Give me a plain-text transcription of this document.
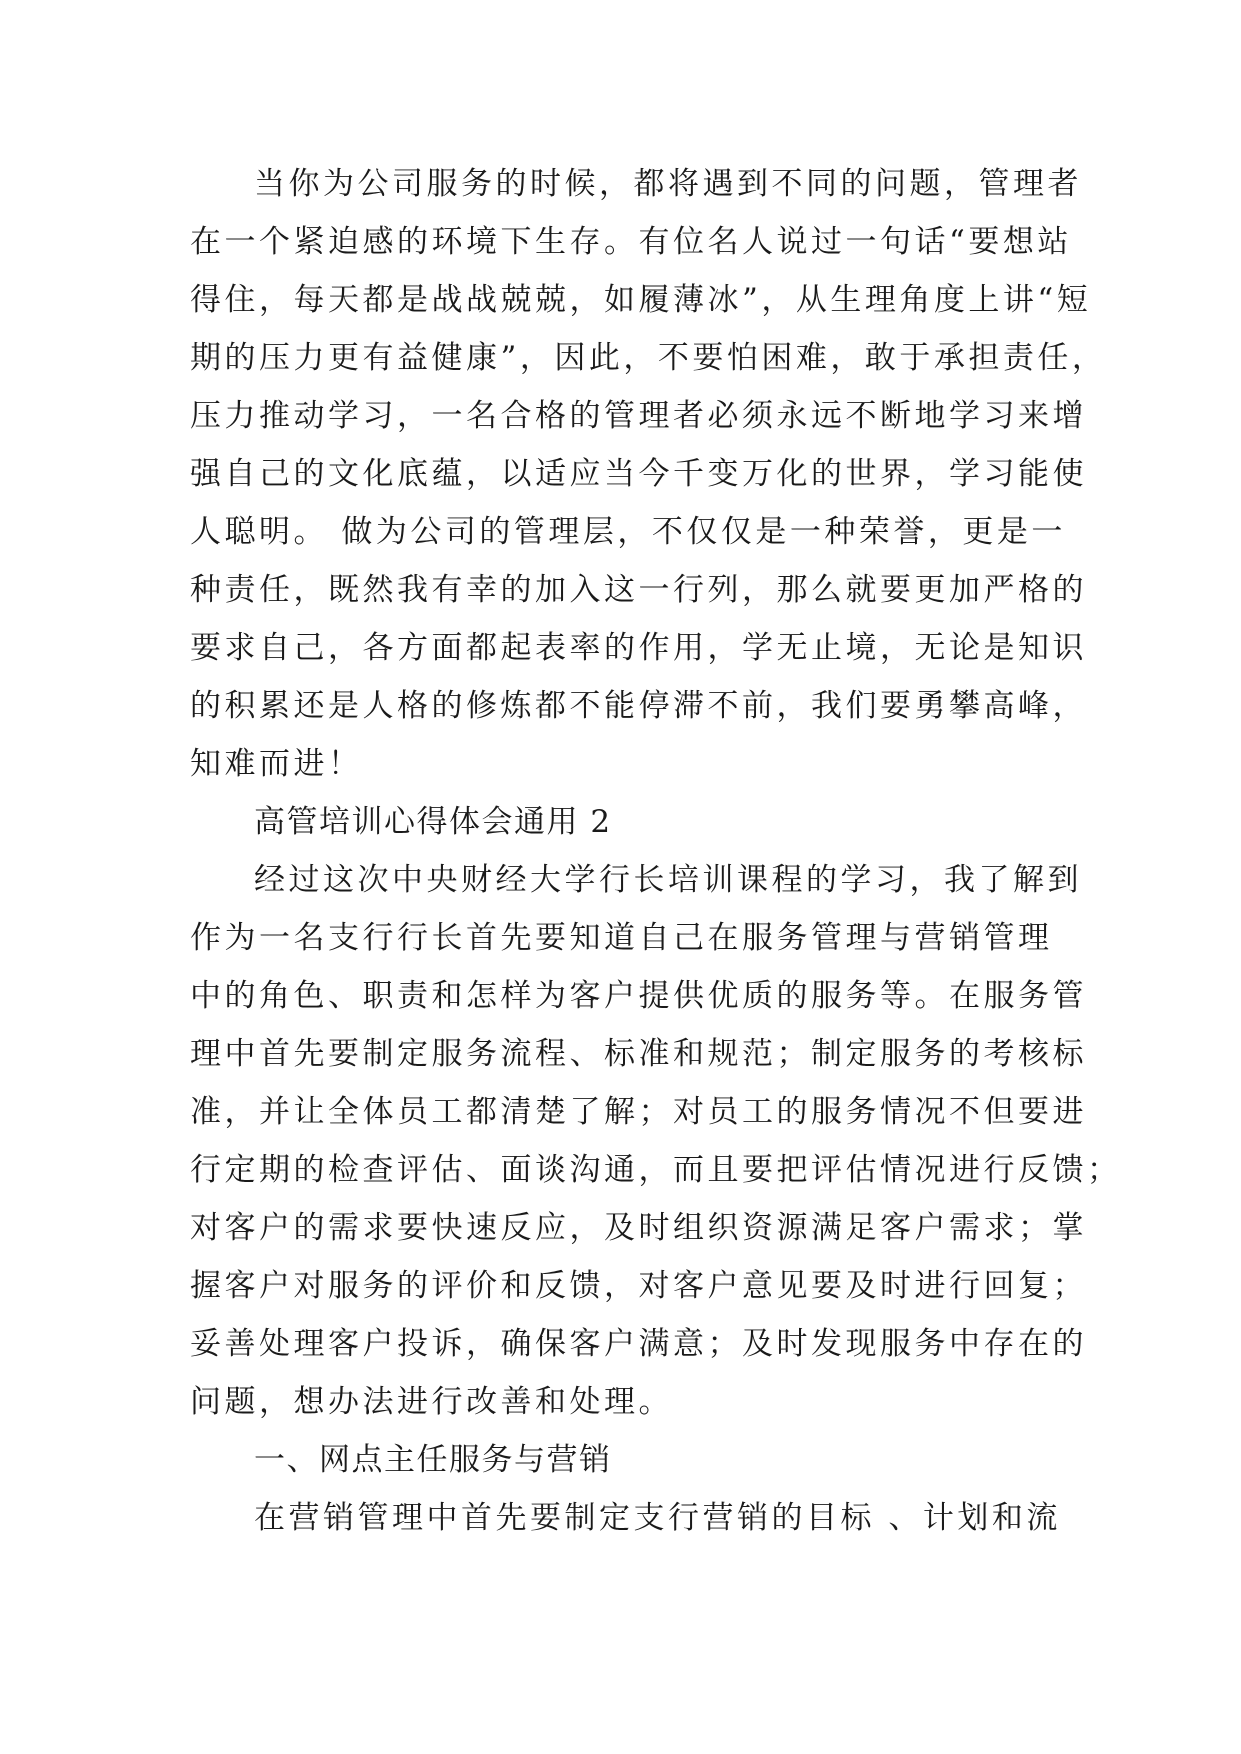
当你为公司服务的时候，都将遇到不同的问题，管理者
在一个紧迫感的环境下生存。有位名人说过一句话“要想站
得住，每天都是战战兢兢，如履薄冰”，从生理角度上讲“短
期的压力更有益健康”，因此，不要怕困难，敢于承担责任，
压力推动学习，一名合格的管理者必须永远不断地学习来增
强自己的文化底蕴，以适应当今千变万化的世界，学习能使
人聪明。 做为公司的管理层，不仅仅是一种荣誉，更是一
种责任，既然我有幸的加入这一行列，那么就要更加严格的
要求自己，各方面都起表率的作用，学无止境，无论是知识
的积累还是人格的修炼都不能停滞不前，我们要勇攀高峰，
知难而进！
高管培训心得体会通用 2
经过这次中央财经大学行长培训课程的学习，我了解到
作为一名支行行长首先要知道自己在服务管理与营销管理
中的角色、职责和怎样为客户提供优质的服务等。在服务管
理中首先要制定服务流程、标准和规范；制定服务的考核标
准，并让全体员工都清楚了解；对员工的服务情况不但要进
行定期的检查评估、面谈沟通，而且要把评估情况进行反馈；
对客户的需求要快速反应，及时组织资源满足客户需求；掌
握客户对服务的评价和反馈，对客户意见要及时进行回复；
妥善处理客户投诉，确保客户满意；及时发现服务中存在的
问题，想办法进行改善和处理。
一、网点主任服务与营销
在营销管理中首先要制定支行营销的目标 、计划和流
